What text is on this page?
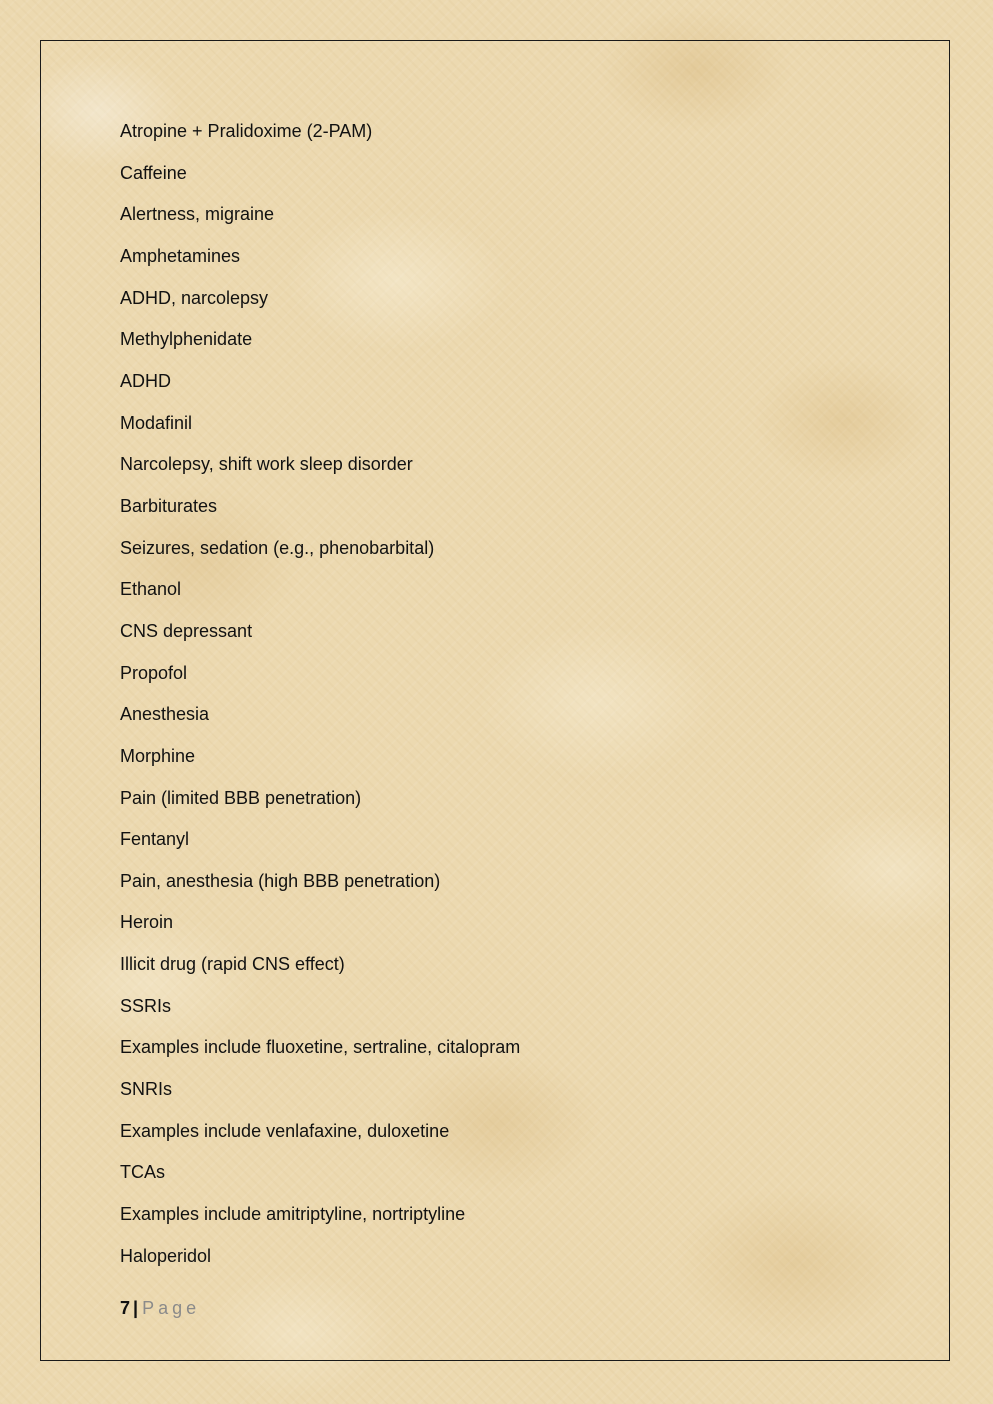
Atropine + Pralidoxime (2-PAM)
Caffeine
Alertness, migraine
Amphetamines
ADHD, narcolepsy
Methylphenidate
ADHD
Modafinil
Narcolepsy, shift work sleep disorder
Barbiturates
Seizures, sedation (e.g., phenobarbital)
Ethanol
CNS depressant
Propofol
Anesthesia
Morphine
Pain (limited BBB penetration)
Fentanyl
Pain, anesthesia (high BBB penetration)
Heroin
Illicit drug (rapid CNS effect)
SSRIs
Examples include fluoxetine, sertraline, citalopram
SNRIs
Examples include venlafaxine, duloxetine
TCAs
Examples include amitriptyline, nortriptyline
Haloperidol
7 | Page
